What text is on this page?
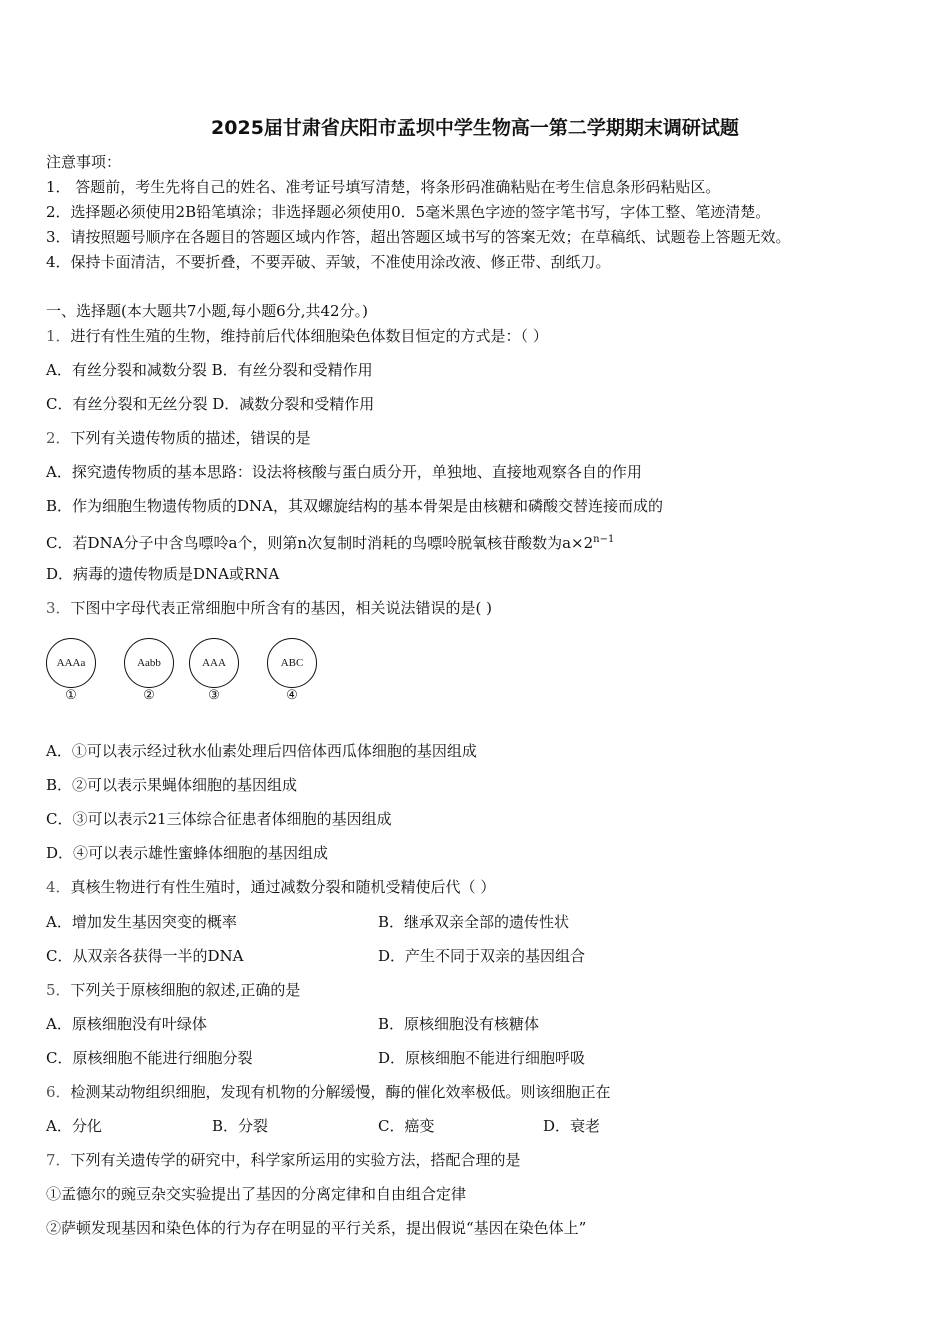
2025届甘肃省庆阳市孟坝中学生物高一第二学期期末调研试题
注意事项：
1． 答题前，考生先将自己的姓名、准考证号填写清楚，将条形码准确粘贴在考生信息条形码粘贴区。
2．选择题必须使用2B铅笔填涂；非选择题必须使用0．5毫米黑色字迹的签字笔书写，字体工整、笔迹清楚。
3．请按照题号顺序在各题目的答题区域内作答，超出答题区域书写的答案无效；在草稿纸、试题卷上答题无效。
4．保持卡面清洁，不要折叠，不要弄破、弄皱，不准使用涂改液、修正带、刮纸刀。
一、选择题(本大题共7小题,每小题6分,共42分。)
1．进行有性生殖的生物，维持前后代体细胞染色体数目恒定的方式是：（ ）
A．有丝分裂和减数分裂 B．有丝分裂和受精作用
C．有丝分裂和无丝分裂 D．减数分裂和受精作用
2．下列有关遗传物质的描述，错误的是
A．探究遗传物质的基本思路：设法将核酸与蛋白质分开，单独地、直接地观察各自的作用
B．作为细胞生物遗传物质的DNA，其双螺旋结构的基本骨架是由核糖和磷酸交替连接而成的
C．若DNA分子中含鸟嘌呤a个，则第n次复制时消耗的鸟嘌呤脱氧核苷酸数为$a\times 2^{n-1}$
D．病毒的遗传物质是DNA或RNA
3．下图中字母代表正常细胞中所含有的基因，相关说法错误的是( )
AAAa
①
Aabb
②
AAA
③
ABC
④
A．①可以表示经过秋水仙素处理后四倍体西瓜体细胞的基因组成
B．②可以表示果蝇体细胞的基因组成
C．③可以表示21三体综合征患者体细胞的基因组成
D．④可以表示雄性蜜蜂体细胞的基因组成
4．真核生物进行有性生殖时，通过减数分裂和随机受精使后代（ ）
A．增加发生基因突变的概率	B．继承双亲全部的遗传性状
C．从双亲各获得一半的DNA	D．产生不同于双亲的基因组合
5．下列关于原核细胞的叙述,正确的是
A．原核细胞没有叶绿体	B．原核细胞没有核糖体
C．原核细胞不能进行细胞分裂	D．原核细胞不能进行细胞呼吸
6．检测某动物组织细胞，发现有机物的分解缓慢，酶的催化效率极低。则该细胞正在
A．分化	B．分裂	C．癌变	D．衰老
7．下列有关遗传学的研究中，科学家所运用的实验方法，搭配合理的是
①孟德尔的豌豆杂交实验提出了基因的分离定律和自由组合定律
②萨顿发现基因和染色体的行为存在明显的平行关系，提出假说“基因在染色体上”
